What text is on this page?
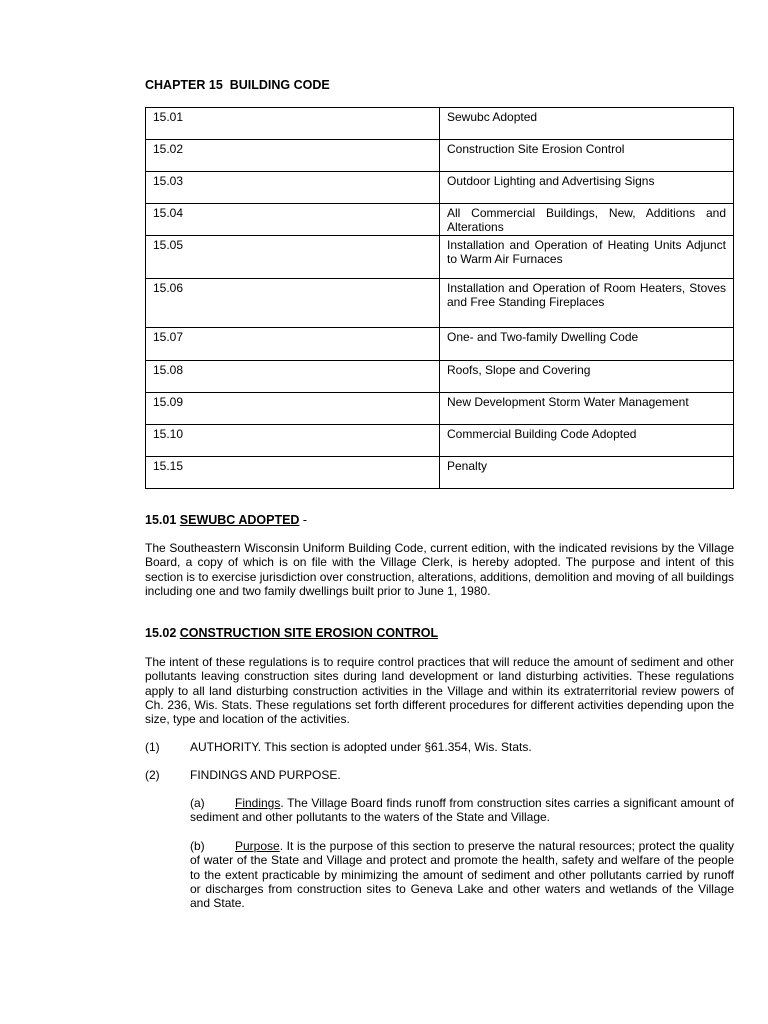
CHAPTER 15  BUILDING CODE
15.01	Sewubc Adopted
15.02	Construction Site Erosion Control
15.03	Outdoor Lighting and Advertising Signs
15.04	All Commercial Buildings, New, Additions and Alterations
15.05	Installation and Operation of Heating Units Adjunct to Warm Air Furnaces
15.06	Installation and Operation of Room Heaters, Stoves and Free Standing Fireplaces
15.07	One- and Two-family Dwelling Code
15.08	Roofs, Slope and Covering
15.09	New Development Storm Water Management
15.10	Commercial Building Code Adopted
15.15	Penalty
15.01 SEWUBC ADOPTED -
The Southeastern Wisconsin Uniform Building Code, current edition, with the indicated revisions by the Village Board, a copy of which is on file with the Village Clerk, is hereby adopted. The purpose and intent of this section is to exercise jurisdiction over construction, alterations, additions, demolition and moving of all buildings including one and two family dwellings built prior to June 1, 1980.
15.02 CONSTRUCTION SITE EROSION CONTROL
The intent of these regulations is to require control practices that will reduce the amount of sediment and other pollutants leaving construction sites during land development or land disturbing activities. These regulations apply to all land disturbing construction activities in the Village and within its extraterritorial review powers of Ch. 236, Wis. Stats. These regulations set forth different procedures for different activities depending upon the size, type and location of the activities.
(1)	AUTHORITY. This section is adopted under §61.354, Wis. Stats.
(2)	FINDINGS AND PURPOSE.
(a)	Findings. The Village Board finds runoff from construction sites carries a significant amount of sediment and other pollutants to the waters of the State and Village.
(b)	Purpose. It is the purpose of this section to preserve the natural resources; protect the quality of water of the State and Village and protect and promote the health, safety and welfare of the people to the extent practicable by minimizing the amount of sediment and other pollutants carried by runoff or discharges from construction sites to Geneva Lake and other waters and wetlands of the Village and State.
